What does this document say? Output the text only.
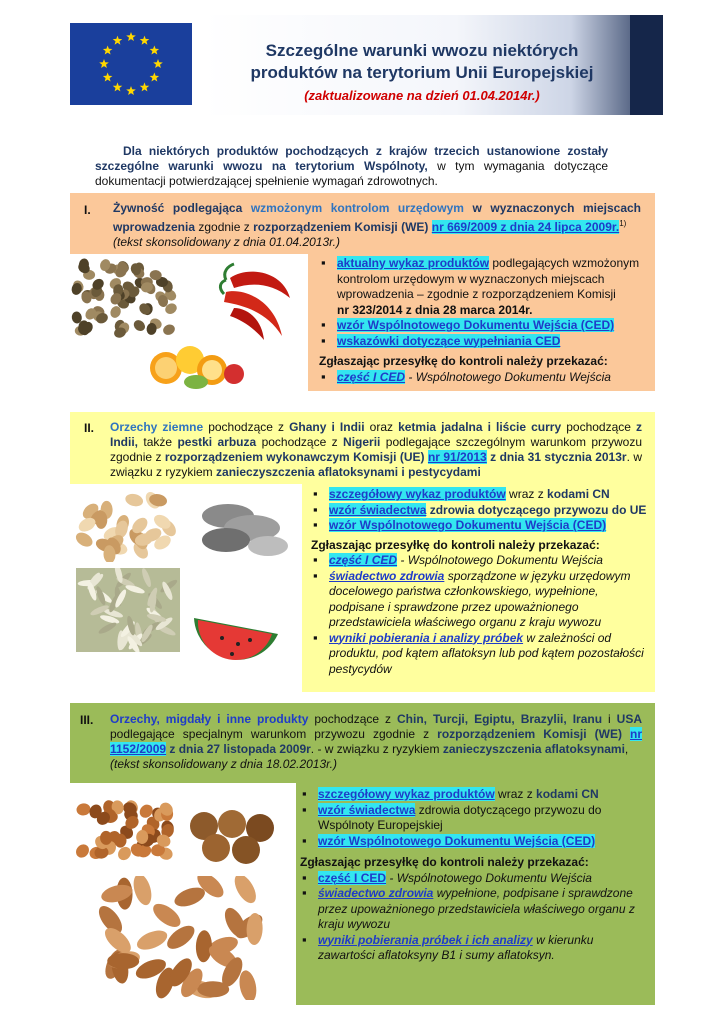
Szczególne warunki wwozu niektórych
produktów na terytorium Unii Europejskiej
(zaktualizowane na dzień 01.04.2014r.)
Dla niektórych produktów pochodzących z krajów trzecich ustanowione zostały szczególne warunki wwozu na terytorium Wspólnoty, w tym wymagania dotyczące dokumentacji potwierdzającej spełnienie wymagań zdrowotnych.
I. Żywność podlegająca wzmożonym kontrolom urzędowym w wyznaczonych miejscach wprowadzenia zgodnie z rozporządzeniem Komisji (WE) nr 669/2009 z dnia 24 lipca 2009r.$^{1)}$
(tekst skonsolidowany z dnia 01.04.2013r.)
▪ aktualny wykaz produktów podlegających wzmożonym kontrolom urzędowym w wyznaczonych miejscach wprowadzenia – zgodnie z rozporządzeniem Komisji
nr 323/2014 z dnia 28 marca 2014r.
▪ wzór Wspólnotowego Dokumentu Wejścia (CED)
▪ wskazówki dotyczące wypełniania CED
Zgłaszając przesyłkę do kontroli należy przekazać:
▪ część I CED - Wspólnotowego Dokumentu Wejścia
II. Orzechy ziemne pochodzące z Ghany i Indii oraz ketmia jadalna i liście curry pochodzące z Indii, także pestki arbuza pochodzące z Nigerii podlegające szczególnym warunkom przywozu zgodnie z rozporządzeniem wykonawczym Komisji (UE) nr 91/2013 z dnia 31 stycznia 2013r. w związku z ryzykiem zanieczyszczenia aflatoksynami i pestycydami
▪ szczegółowy wykaz produktów wraz z kodami CN
▪ wzór świadectwa zdrowia dotyczącego przywozu do UE
▪ wzór Wspólnotowego Dokumentu Wejścia (CED)
Zgłaszając przesyłkę do kontroli należy przekazać:
▪ część I CED - Wspólnotowego Dokumentu Wejścia
▪ świadectwo zdrowia sporządzone w języku urzędowym docelowego państwa członkowskiego, wypełnione, podpisane i sprawdzone przez upoważnionego przedstawiciela właściwego organu z kraju wywozu
▪ wyniki pobierania i analizy próbek w zależności od produktu, pod kątem aflatoksyn lub pod kątem pozostałości pestycydów
III. Orzechy, migdały i inne produkty pochodzące z Chin, Turcji, Egiptu, Brazylii, Iranu i USA podlegające specjalnym warunkom przywozu zgodnie z rozporządzeniem Komisji (WE) nr 1152/2009 z dnia 27 listopada 2009r. - w związku z ryzykiem zanieczyszczenia aflatoksynami,
(tekst skonsolidowany z dnia 18.02.2013r.)
▪ szczegółowy wykaz produktów wraz z kodami CN
▪ wzór świadectwa zdrowia dotyczącego przywozu do Wspólnoty Europejskiej
▪ wzór Wspólnotowego Dokumentu Wejścia (CED)
Zgłaszając przesyłkę do kontroli należy przekazać:
▪ część I CED - Wspólnotowego Dokumentu Wejścia
▪ świadectwo zdrowia wypełnione, podpisane i sprawdzone przez upoważnionego przedstawiciela właściwego organu z kraju wywozu
▪ wyniki pobierania próbek i ich analizy w kierunku zawartości aflatoksyny B1 i sumy aflatoksyn.
